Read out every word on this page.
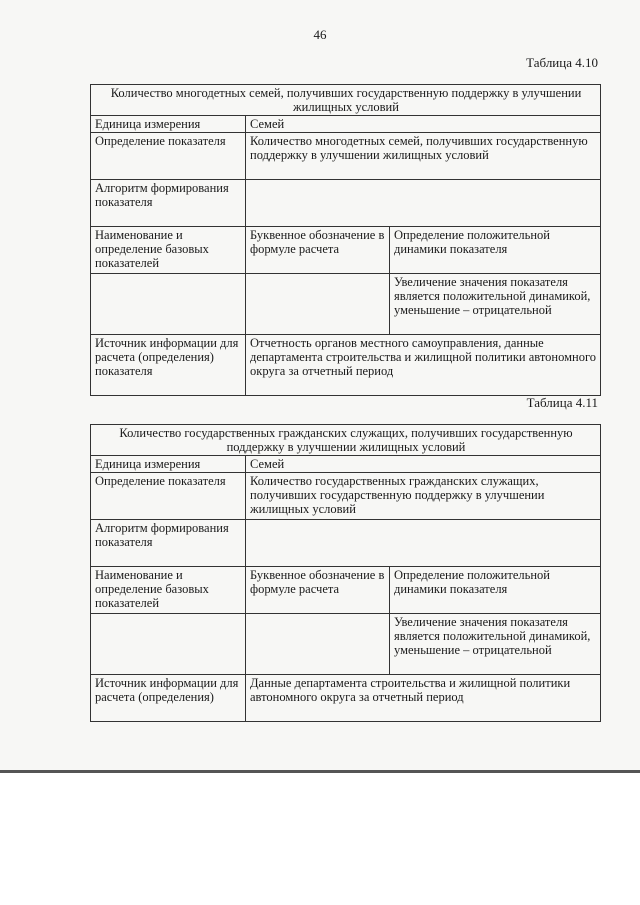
46
Таблица 4.10
Количество многодетных семей, получивших государственную поддержку в улучшении жилищных условий		
Единица измерения	Семей	
Определение показателя	Количество многодетных семей, получивших государственную поддержку в улучшении жилищных условий	
Алгоритм формирования показателя		
Наименование и определение базовых показателей	Буквенное обозначение в формуле расчета	Определение положительной динамики показателя
		Увеличение значения показателя является положительной динамикой, уменьшение – отрицательной
Источник информации для расчета (определения) показателя	Отчетность органов местного самоуправления, данные департамента строительства и жилищной политики автономного округа за отчетный период	
Таблица 4.11
Количество государственных гражданских служащих, получивших государственную поддержку в улучшении жилищных условий		
Единица измерения	Семей	
Определение показателя	Количество государственных гражданских служащих, получивших государственную поддержку в улучшении жилищных условий	
Алгоритм формирования показателя		
Наименование и определение базовых показателей	Буквенное обозначение в формуле расчета	Определение положительной динамики показателя
		Увеличение значения показателя является положительной динамикой, уменьшение – отрицательной
Источник информации для расчета (определения)	Данные департамента строительства и жилищной политики автономного округа за отчетный период	
